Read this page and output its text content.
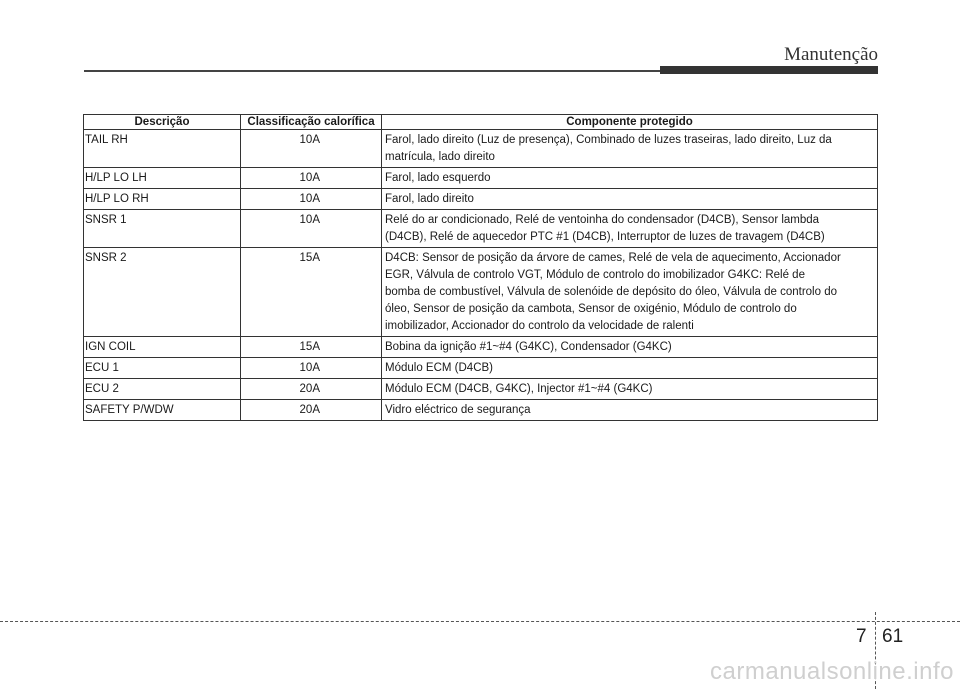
Manutenção
Descrição	Classificação calorífica	Componente protegido
TAIL RH	10A	Farol, lado direito (Luz de presença), Combinado de luzes traseiras, lado direito, Luz da
matrícula, lado direito
H/LP LO LH	10A	Farol, lado esquerdo
H/LP LO RH	10A	Farol, lado direito
SNSR 1	10A	Relé do ar condicionado, Relé de ventoinha do condensador (D4CB), Sensor lambda
(D4CB), Relé de aquecedor PTC #1 (D4CB), Interruptor de luzes de travagem (D4CB)
SNSR 2	15A	D4CB: Sensor de posição da árvore de cames, Relé de vela de aquecimento, Accionador
EGR, Válvula de controlo VGT, Módulo de controlo do imobilizador G4KC: Relé de
bomba de combustível, Válvula de solenóide de depósito do óleo, Válvula de controlo do
óleo, Sensor de posição da cambota, Sensor de oxigénio, Módulo de controlo do
imobilizador, Accionador do controlo da velocidade de ralenti
IGN COIL	15A	Bobina da ignição #1~#4 (G4KC), Condensador (G4KC)
ECU 1	10A	Módulo ECM (D4CB)
ECU 2	20A	Módulo ECM (D4CB, G4KC), Injector #1~#4 (G4KC)
SAFETY P/WDW	20A	Vidro eléctrico de segurança
7 61
carmanualsonline.info
